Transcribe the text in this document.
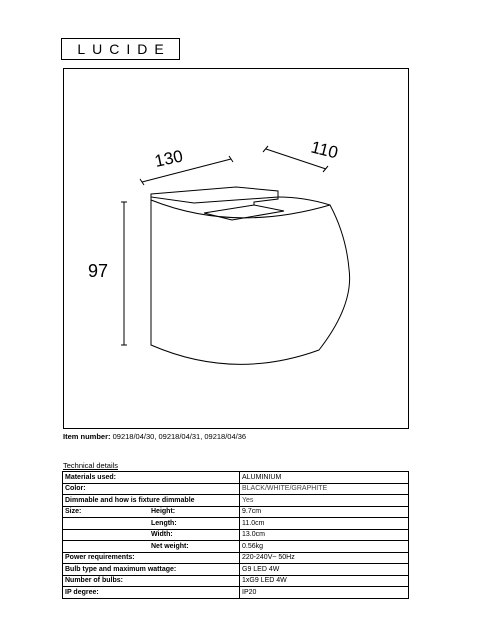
LUCIDE
130	110
97
Item number: 09218/04/30, 09218/04/31, 09218/04/36
Technical details
Materials used:	ALUMINIUM
Color:	BLACK/WHITE/GRAPHITE
Dimmable and how is fixture dimmable	Yes

Size: Height:	9.7cm

Length:	11.0cm

Width:	13.0cm

Net weight:	0.56kg
Power requirements:	220-240V~ 50Hz
Bulb type and maximum wattage:	G9 LED 4W
Number of bulbs:	1xG9 LED 4W
IP degree:	IP20
